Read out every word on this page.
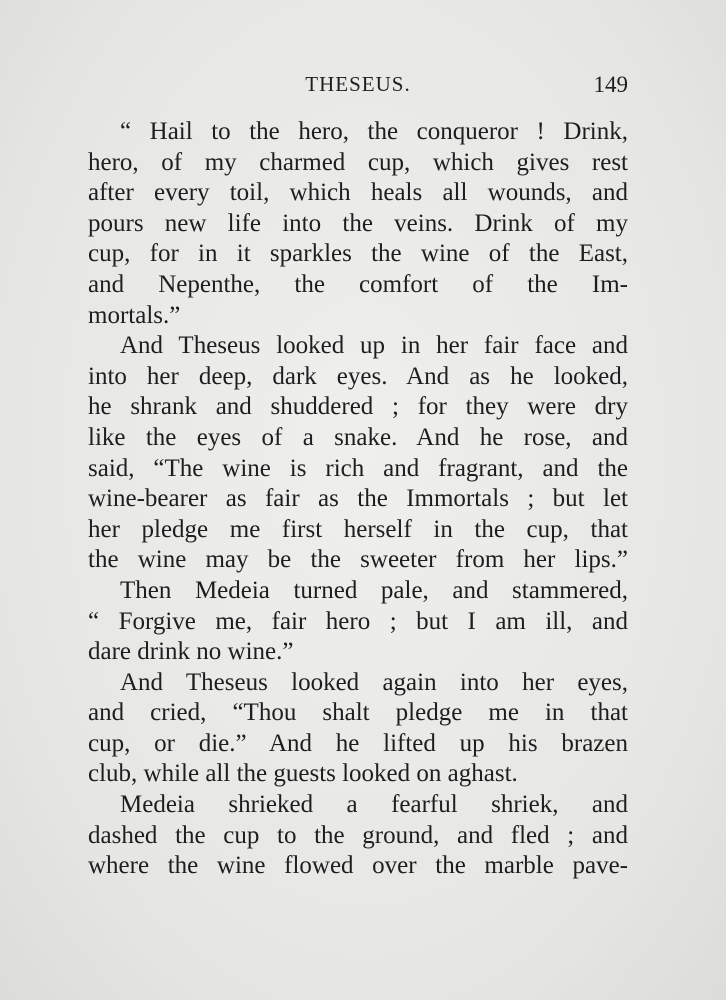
THESEUS.	149
“ Hail to the hero, the conqueror ! Drink,
hero, of my charmed cup, which gives rest
after every toil, which heals all wounds, and
pours new life into the veins. Drink of my
cup, for in it sparkles the wine of the East,
and Nepenthe, the comfort of the Im-
mortals.”
And Theseus looked up in her fair face and
into her deep, dark eyes. And as he looked,
he shrank and shuddered ; for they were dry
like the eyes of a snake. And he rose, and
said, “The wine is rich and fragrant, and the
wine-bearer as fair as the Immortals ; but let
her pledge me first herself in the cup, that
the wine may be the sweeter from her lips.”
Then Medeia turned pale, and stammered,
“ Forgive me, fair hero ; but I am ill, and
dare drink no wine.”
And Theseus looked again into her eyes,
and cried, “Thou shalt pledge me in that
cup, or die.” And he lifted up his brazen
club, while all the guests looked on aghast.
Medeia shrieked a fearful shriek, and
dashed the cup to the ground, and fled ; and
where the wine flowed over the marble pave-
